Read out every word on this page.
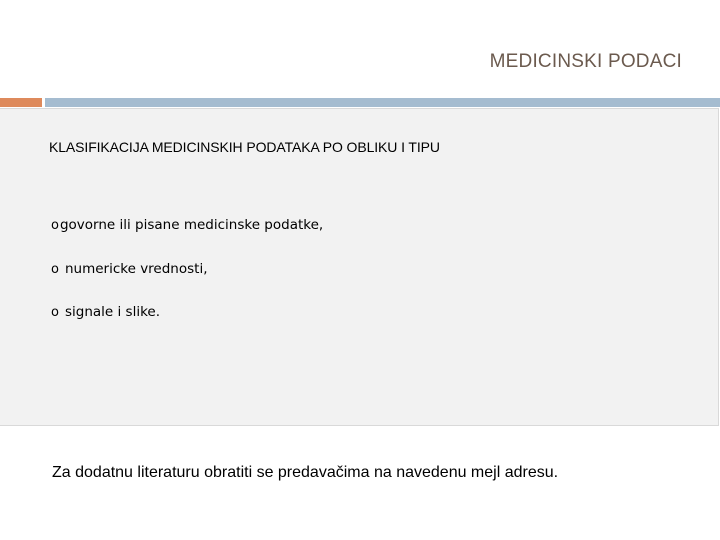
MEDICINSKI PODACI
KLASIFIKACIJA MEDICINSKIH PODATAKA PO OBLIKU I TIPU
ogovorne ili pisane medicinske podatke,
o numericke vrednosti,
o signale i slike.
Za dodatnu literaturu obratiti se predavačima na navedenu mejl adresu.
